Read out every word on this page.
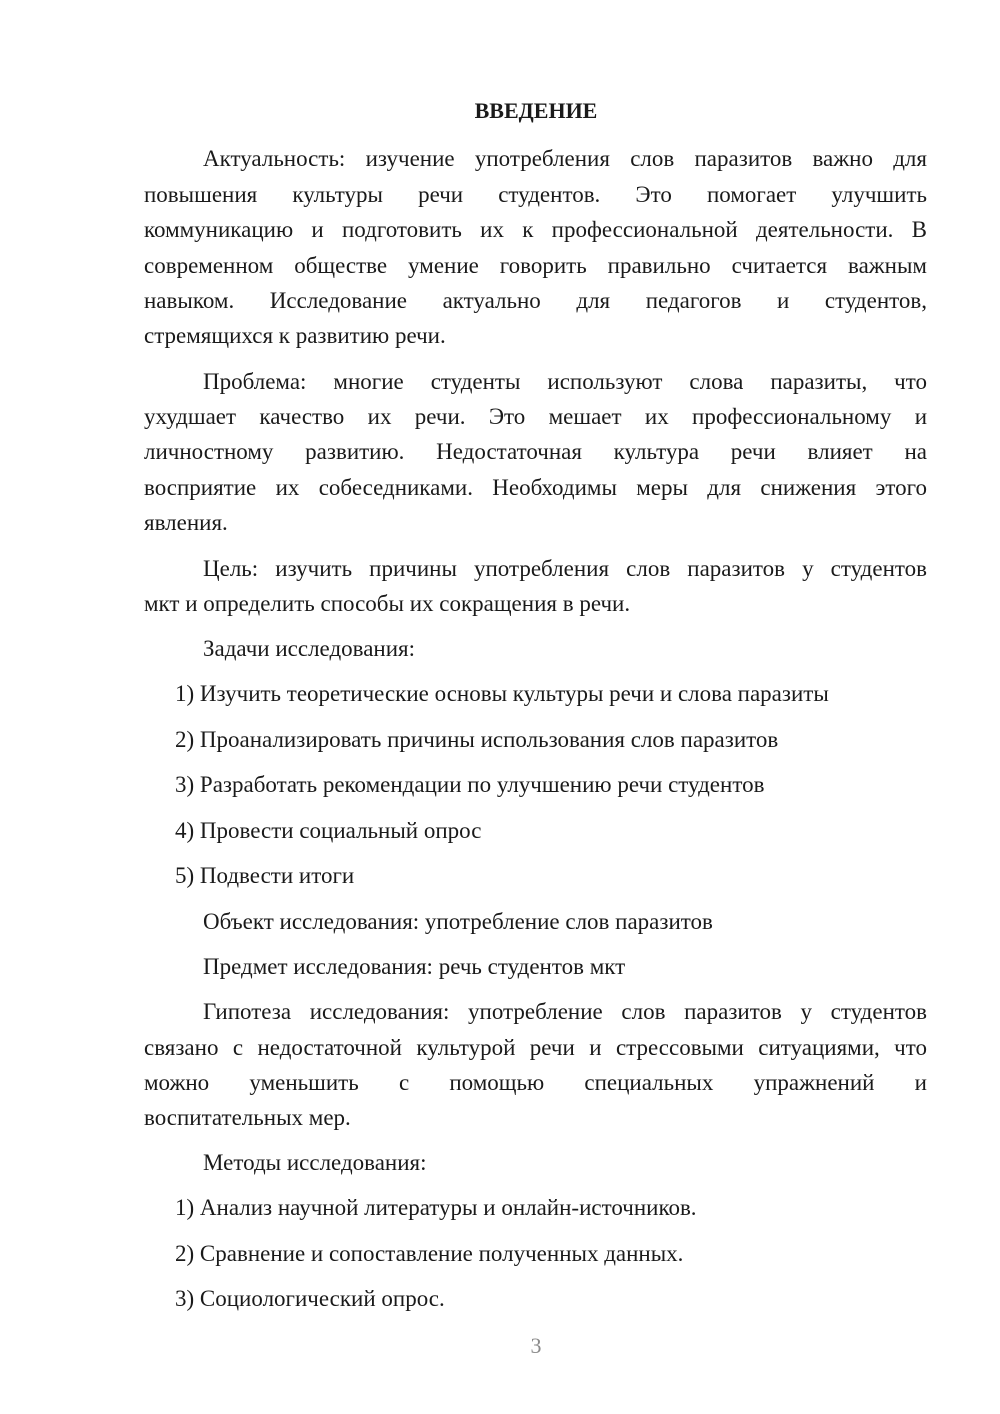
ВВЕДЕНИЕ
Актуальность: изучение употребления слов паразитов важно для
повышения культуры речи студентов. Это помогает улучшить
коммуникацию и подготовить их к профессиональной деятельности. В
современном обществе умение говорить правильно считается важным
навыком. Исследование актуально для педагогов и студентов,
стремящихся к развитию речи.
Проблема: многие студенты используют слова паразиты, что
ухудшает качество их речи. Это мешает их профессиональному и
личностному развитию. Недостаточная культура речи влияет на
восприятие их собеседниками. Необходимы меры для снижения этого
явления.
Цель: изучить причины употребления слов паразитов у студентов
мкт и определить способы их сокращения в речи.
Задачи исследования:
1) Изучить теоретические основы культуры речи и слова паразиты
2) Проанализировать причины использования слов паразитов
3) Разработать рекомендации по улучшению речи студентов
4) Провести социальный опрос
5) Подвести итоги
Объект исследования: употребление слов паразитов
Предмет исследования: речь студентов мкт
Гипотеза исследования: употребление слов паразитов у студентов
связано с недостаточной культурой речи и стрессовыми ситуациями, что
можно уменьшить с помощью специальных упражнений и
воспитательных мер.
Методы исследования:
1) Анализ научной литературы и онлайн-источников.
2) Сравнение и сопоставление полученных данных.
3) Социологический опрос.
3
